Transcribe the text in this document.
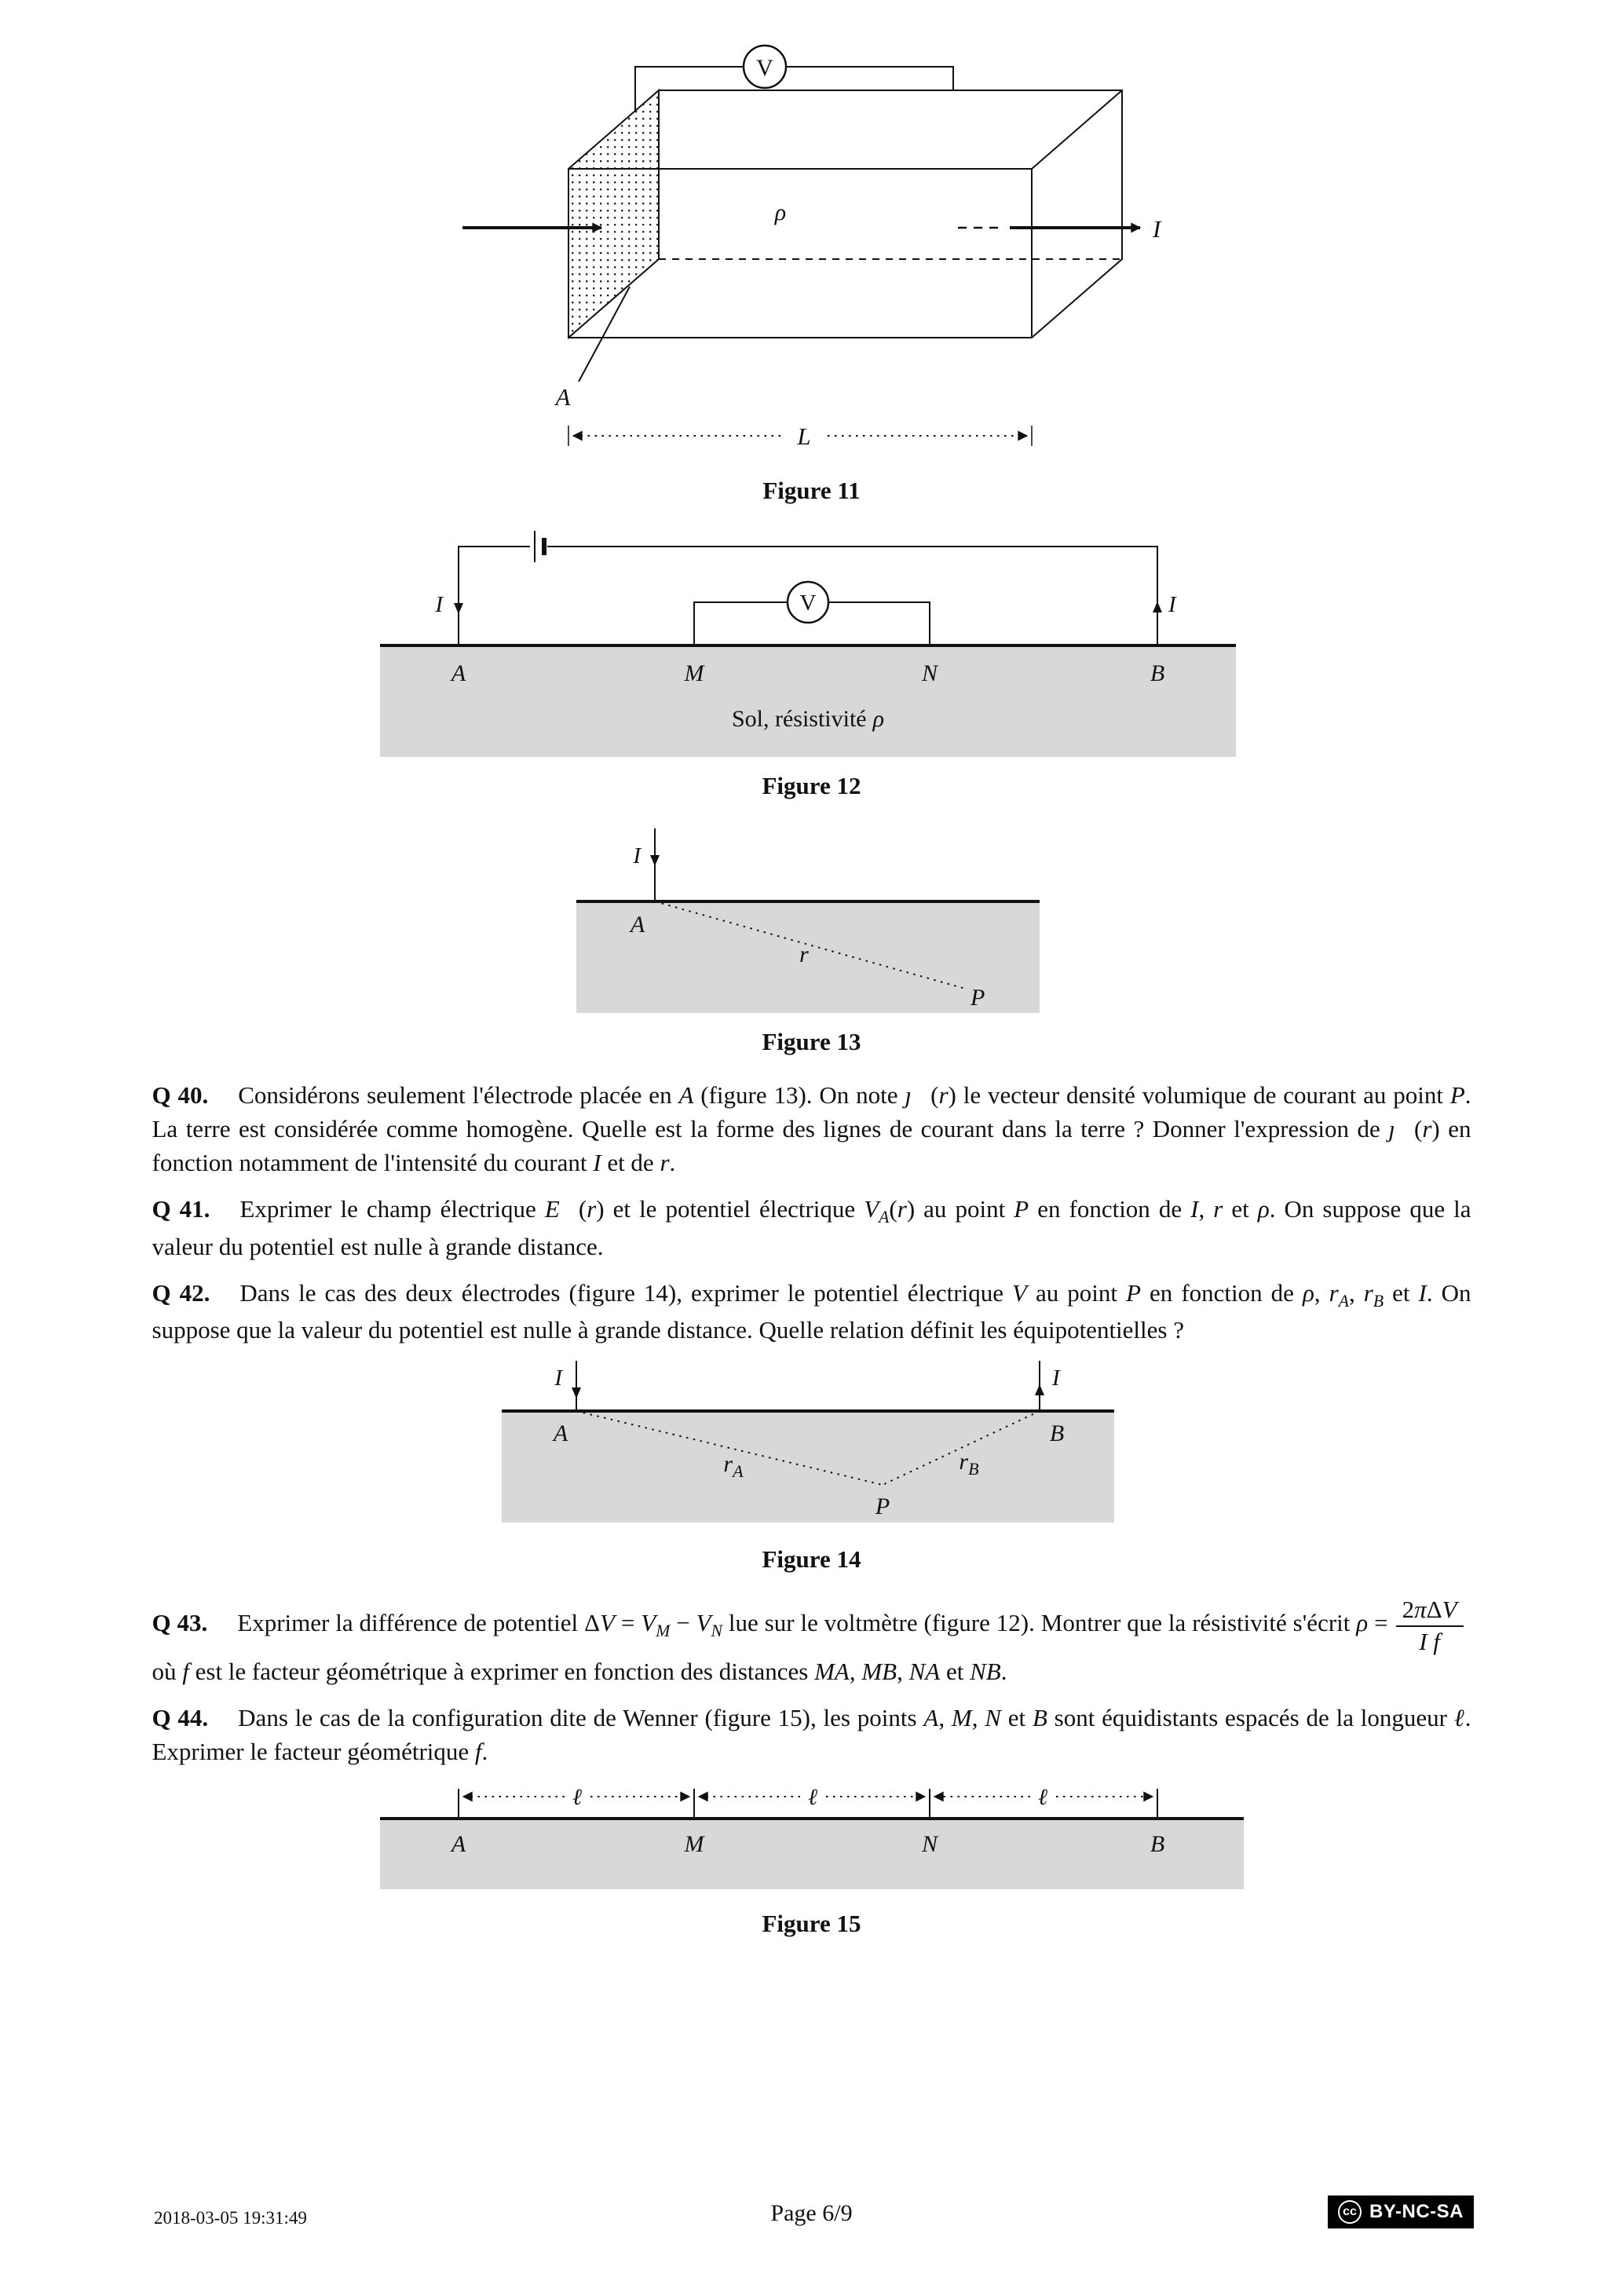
V
I
ρ
A
L
Figure 11
I	I
V
A	M	N	B
Sol, résistivité ρ
Figure 12
I
A
r
P
Figure 13

Q 40. Considérons seulement l'électrode placée en A (figure 13). On note ȷ⃗(r) le vecteur densité volumique de courant au point P. La terre est considérée comme homogène. Quelle est la forme des lignes de courant dans la terre ? Donner l'expression de ȷ⃗(r) en fonction notamment de l'intensité du courant I et de r.

Q 41. Exprimer le champ électrique E⃗(r) et le potentiel électrique $V_A(r)$ au point P en fonction de I, r et ρ. On suppose que la valeur du potentiel est nulle à grande distance.

Q 42. Dans le cas des deux électrodes (figure 14), exprimer le potentiel électrique V au point P en fonction de ρ, $r_A$, $r_B$ et I. On suppose que la valeur du potentiel est nulle à grande distance. Quelle relation définit les équipotentielles ?

I	I
A	B
$r_A$	$r_B$
P
Figure 14

Q 43. Exprimer la différence de potentiel $\Delta V = V_M - V_N$ lue sur le voltmètre (figure 12). Montrer que la résistivité s'écrit $\rho = \frac{\text{2πΔV}}{\text{I f}}$
où f est le facteur géométrique à exprimer en fonction des distances MA, MB, NA et NB.

Q 44. Dans le cas de la configuration dite de Wenner (figure 15), les points A, M, N et B sont équidistants espacés de la longueur ℓ. Exprimer le facteur géométrique f.

ℓ	ℓ	ℓ
A	M	N	B
Figure 15
2018-03-05 19:31:49	Page 6/9	cc BY-NC-SA
